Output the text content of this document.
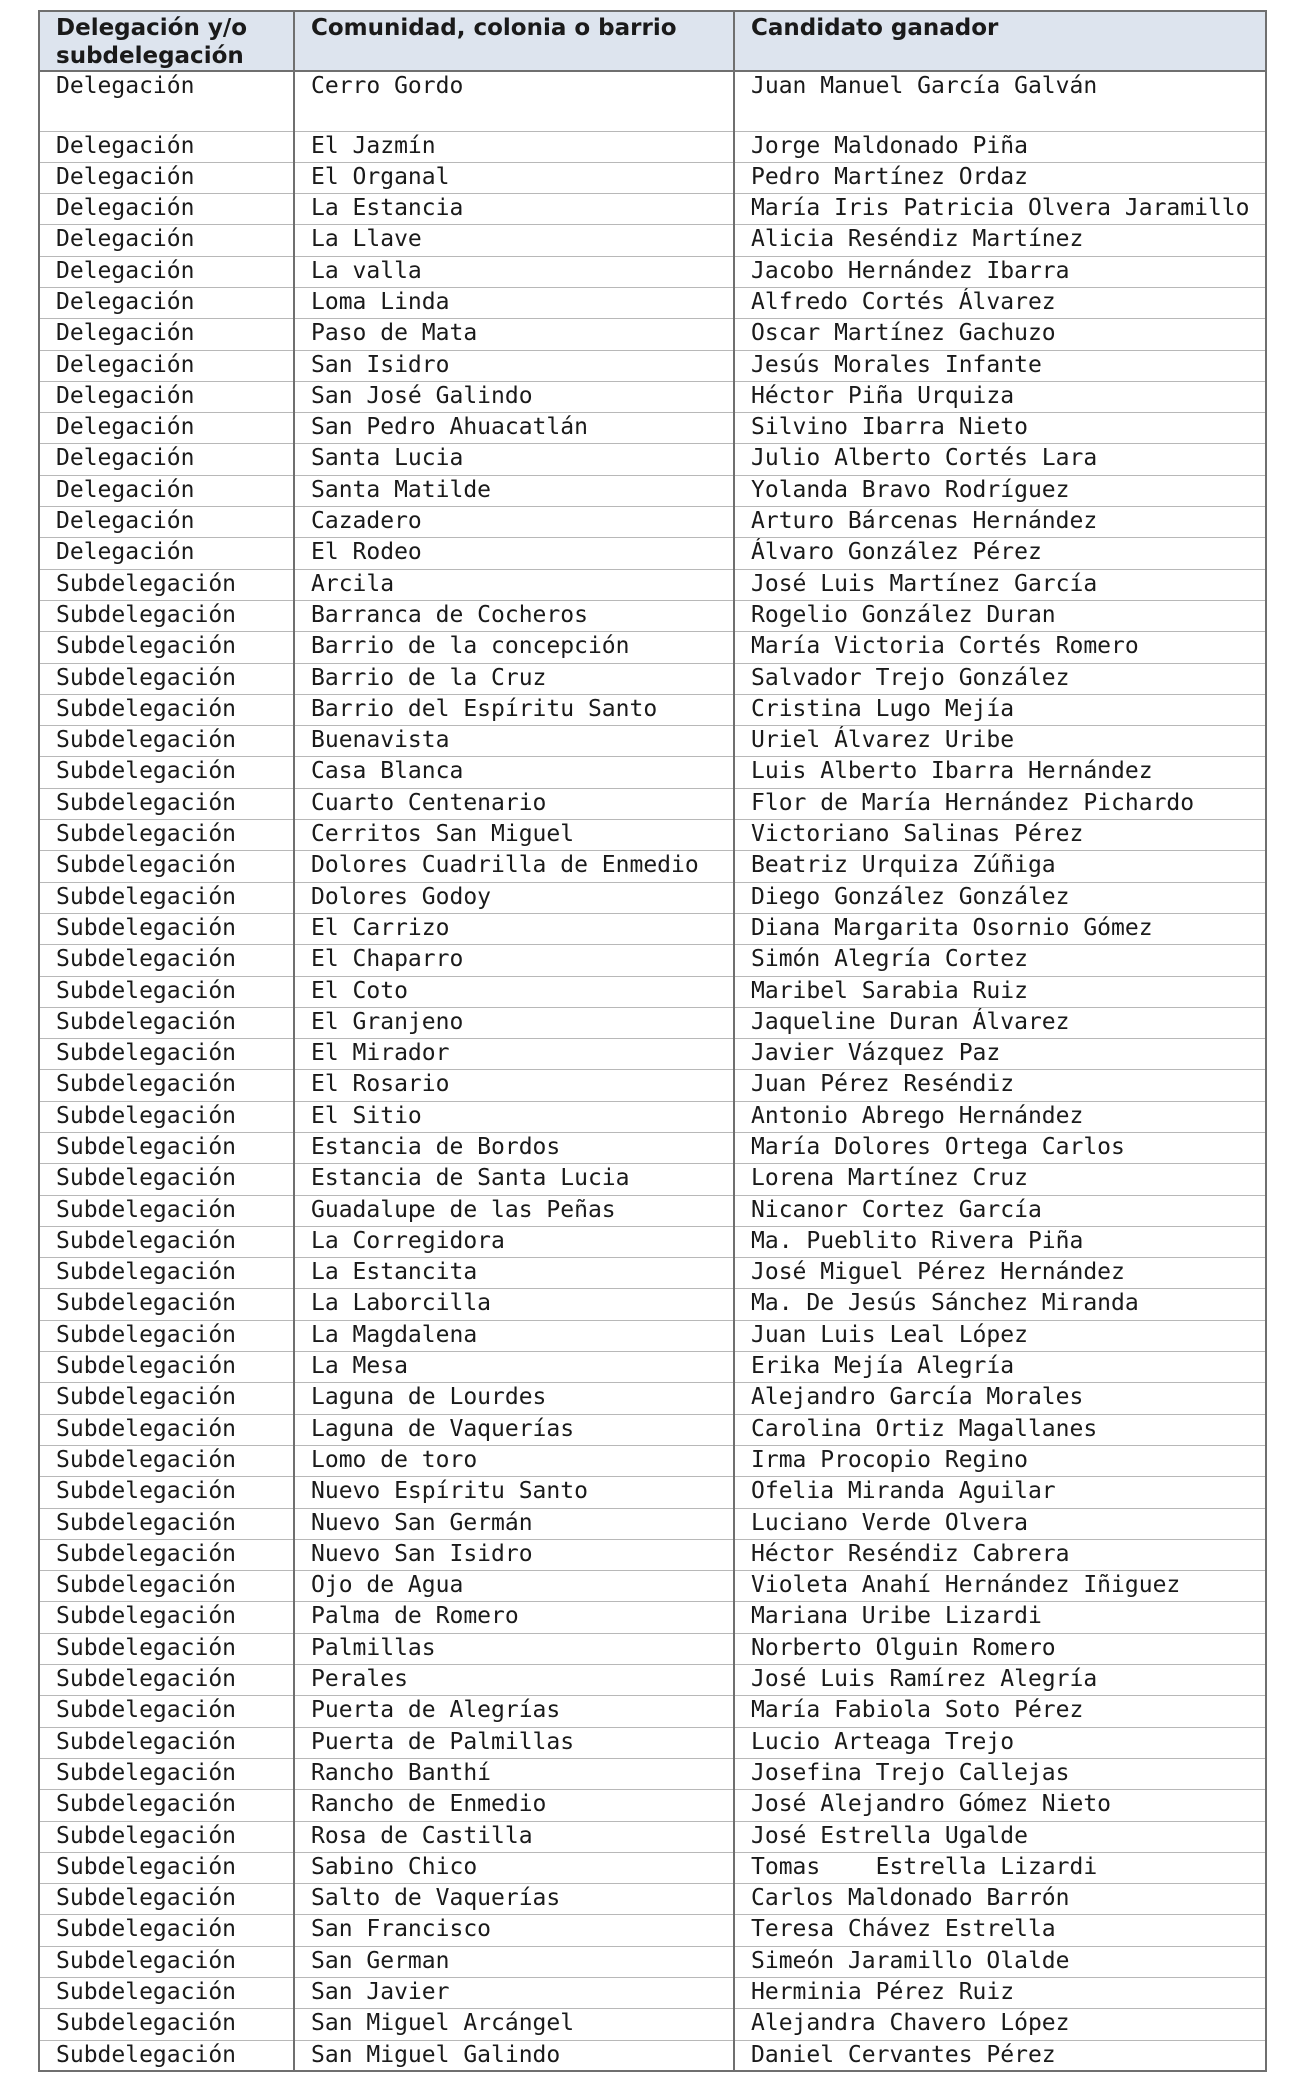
Delegación y/o subdelegación	Comunidad, colonia o barrio	Candidato ganador
Delegación	Cerro Gordo	Juan Manuel García Galván
Delegación	El Jazmín	Jorge Maldonado Piña
Delegación	El Organal	Pedro Martínez Ordaz
Delegación	La Estancia	María Iris Patricia Olvera Jaramillo
Delegación	La Llave	Alicia Reséndiz Martínez
Delegación	La valla	Jacobo Hernández Ibarra
Delegación	Loma Linda	Alfredo Cortés Álvarez
Delegación	Paso de Mata	Oscar Martínez Gachuzo
Delegación	San Isidro	Jesús Morales Infante
Delegación	San José Galindo	Héctor Piña Urquiza
Delegación	San Pedro Ahuacatlán	Silvino Ibarra Nieto
Delegación	Santa Lucia	Julio Alberto Cortés Lara
Delegación	Santa Matilde	Yolanda Bravo Rodríguez
Delegación	Cazadero	Arturo Bárcenas Hernández
Delegación	El Rodeo	Álvaro González Pérez
Subdelegación	Arcila	José Luis Martínez García
Subdelegación	Barranca de Cocheros	Rogelio González Duran
Subdelegación	Barrio de la concepción	María Victoria Cortés Romero
Subdelegación	Barrio de la Cruz	Salvador Trejo González
Subdelegación	Barrio del Espíritu Santo	Cristina Lugo Mejía
Subdelegación	Buenavista	Uriel Álvarez Uribe
Subdelegación	Casa Blanca	Luis Alberto Ibarra Hernández
Subdelegación	Cuarto Centenario	Flor de María Hernández Pichardo
Subdelegación	Cerritos San Miguel	Victoriano Salinas Pérez
Subdelegación	Dolores Cuadrilla de Enmedio	Beatriz Urquiza Zúñiga
Subdelegación	Dolores Godoy	Diego González González
Subdelegación	El Carrizo	Diana Margarita Osornio Gómez
Subdelegación	El Chaparro	Simón Alegría Cortez
Subdelegación	El Coto	Maribel Sarabia Ruiz
Subdelegación	El Granjeno	Jaqueline Duran Álvarez
Subdelegación	El Mirador	Javier Vázquez Paz
Subdelegación	El Rosario	Juan Pérez Reséndiz
Subdelegación	El Sitio	Antonio Abrego Hernández
Subdelegación	Estancia de Bordos	María Dolores Ortega Carlos
Subdelegación	Estancia de Santa Lucia	Lorena Martínez Cruz
Subdelegación	Guadalupe de las Peñas	Nicanor Cortez García
Subdelegación	La Corregidora	Ma. Pueblito Rivera Piña
Subdelegación	La Estancita	José Miguel Pérez Hernández
Subdelegación	La Laborcilla	Ma. De Jesús Sánchez Miranda
Subdelegación	La Magdalena	Juan Luis Leal López
Subdelegación	La Mesa	Erika Mejía Alegría
Subdelegación	Laguna de Lourdes	Alejandro García Morales
Subdelegación	Laguna de Vaquerías	Carolina Ortiz Magallanes
Subdelegación	Lomo de toro	Irma Procopio Regino
Subdelegación	Nuevo Espíritu Santo	Ofelia Miranda Aguilar
Subdelegación	Nuevo San Germán	Luciano Verde Olvera
Subdelegación	Nuevo San Isidro	Héctor Reséndiz Cabrera
Subdelegación	Ojo de Agua	Violeta Anahí Hernández Iñiguez
Subdelegación	Palma de Romero	Mariana Uribe Lizardi
Subdelegación	Palmillas	Norberto Olguin Romero
Subdelegación	Perales	José Luis Ramírez Alegría
Subdelegación	Puerta de Alegrías	María Fabiola Soto Pérez
Subdelegación	Puerta de Palmillas	Lucio Arteaga Trejo
Subdelegación	Rancho Banthí	Josefina Trejo Callejas
Subdelegación	Rancho de Enmedio	José Alejandro Gómez Nieto
Subdelegación	Rosa de Castilla	José Estrella Ugalde
Subdelegación	Sabino Chico	Tomas    Estrella Lizardi
Subdelegación	Salto de Vaquerías	Carlos Maldonado Barrón
Subdelegación	San Francisco	Teresa Chávez Estrella
Subdelegación	San German	Simeón Jaramillo Olalde
Subdelegación	San Javier	Herminia Pérez Ruiz
Subdelegación	San Miguel Arcángel	Alejandra Chavero López
Subdelegación	San Miguel Galindo	Daniel Cervantes Pérez
